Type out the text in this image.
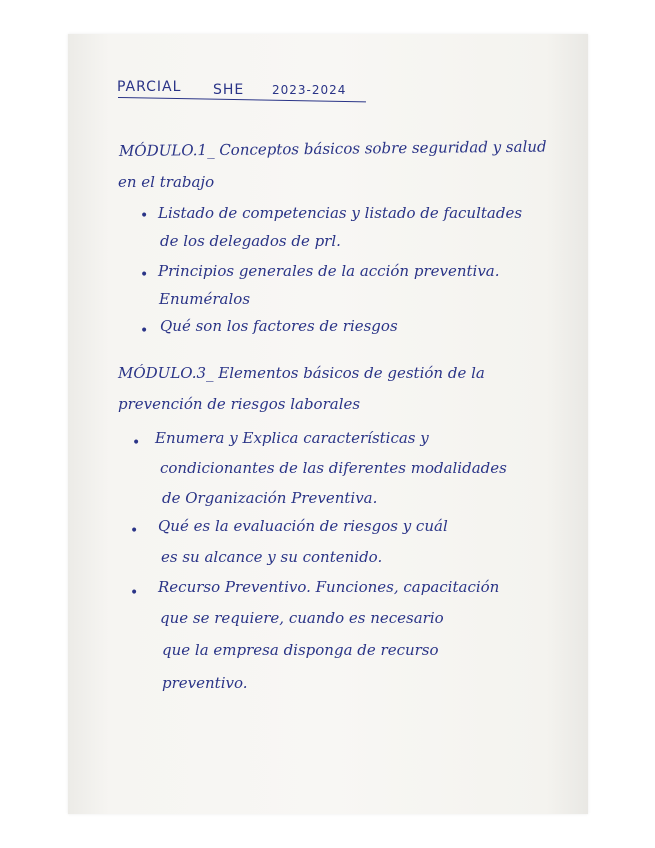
PARCIAL SHE 2023-2024

MÓDULO.1_ Conceptos básicos sobre seguridad y salud

en el trabajo

• Listado de competencias y listado de facultades

de los delegados de prl.

• Principios generales de la acción preventiva.

Enuméralos

• Qué son los factores de riesgos

MÓDULO.3_ Elementos básicos de gestión de la

prevención de riesgos laborales

• Enumera y Explica características y

condicionantes de las diferentes modalidades

de Organización Preventiva.

• Qué es la evaluación de riesgos y cuál

es su alcance y su contenido.

• Recurso Preventivo. Funciones, capacitación

que se requiere, cuando es necesario

que la empresa disponga de recurso

preventivo.
